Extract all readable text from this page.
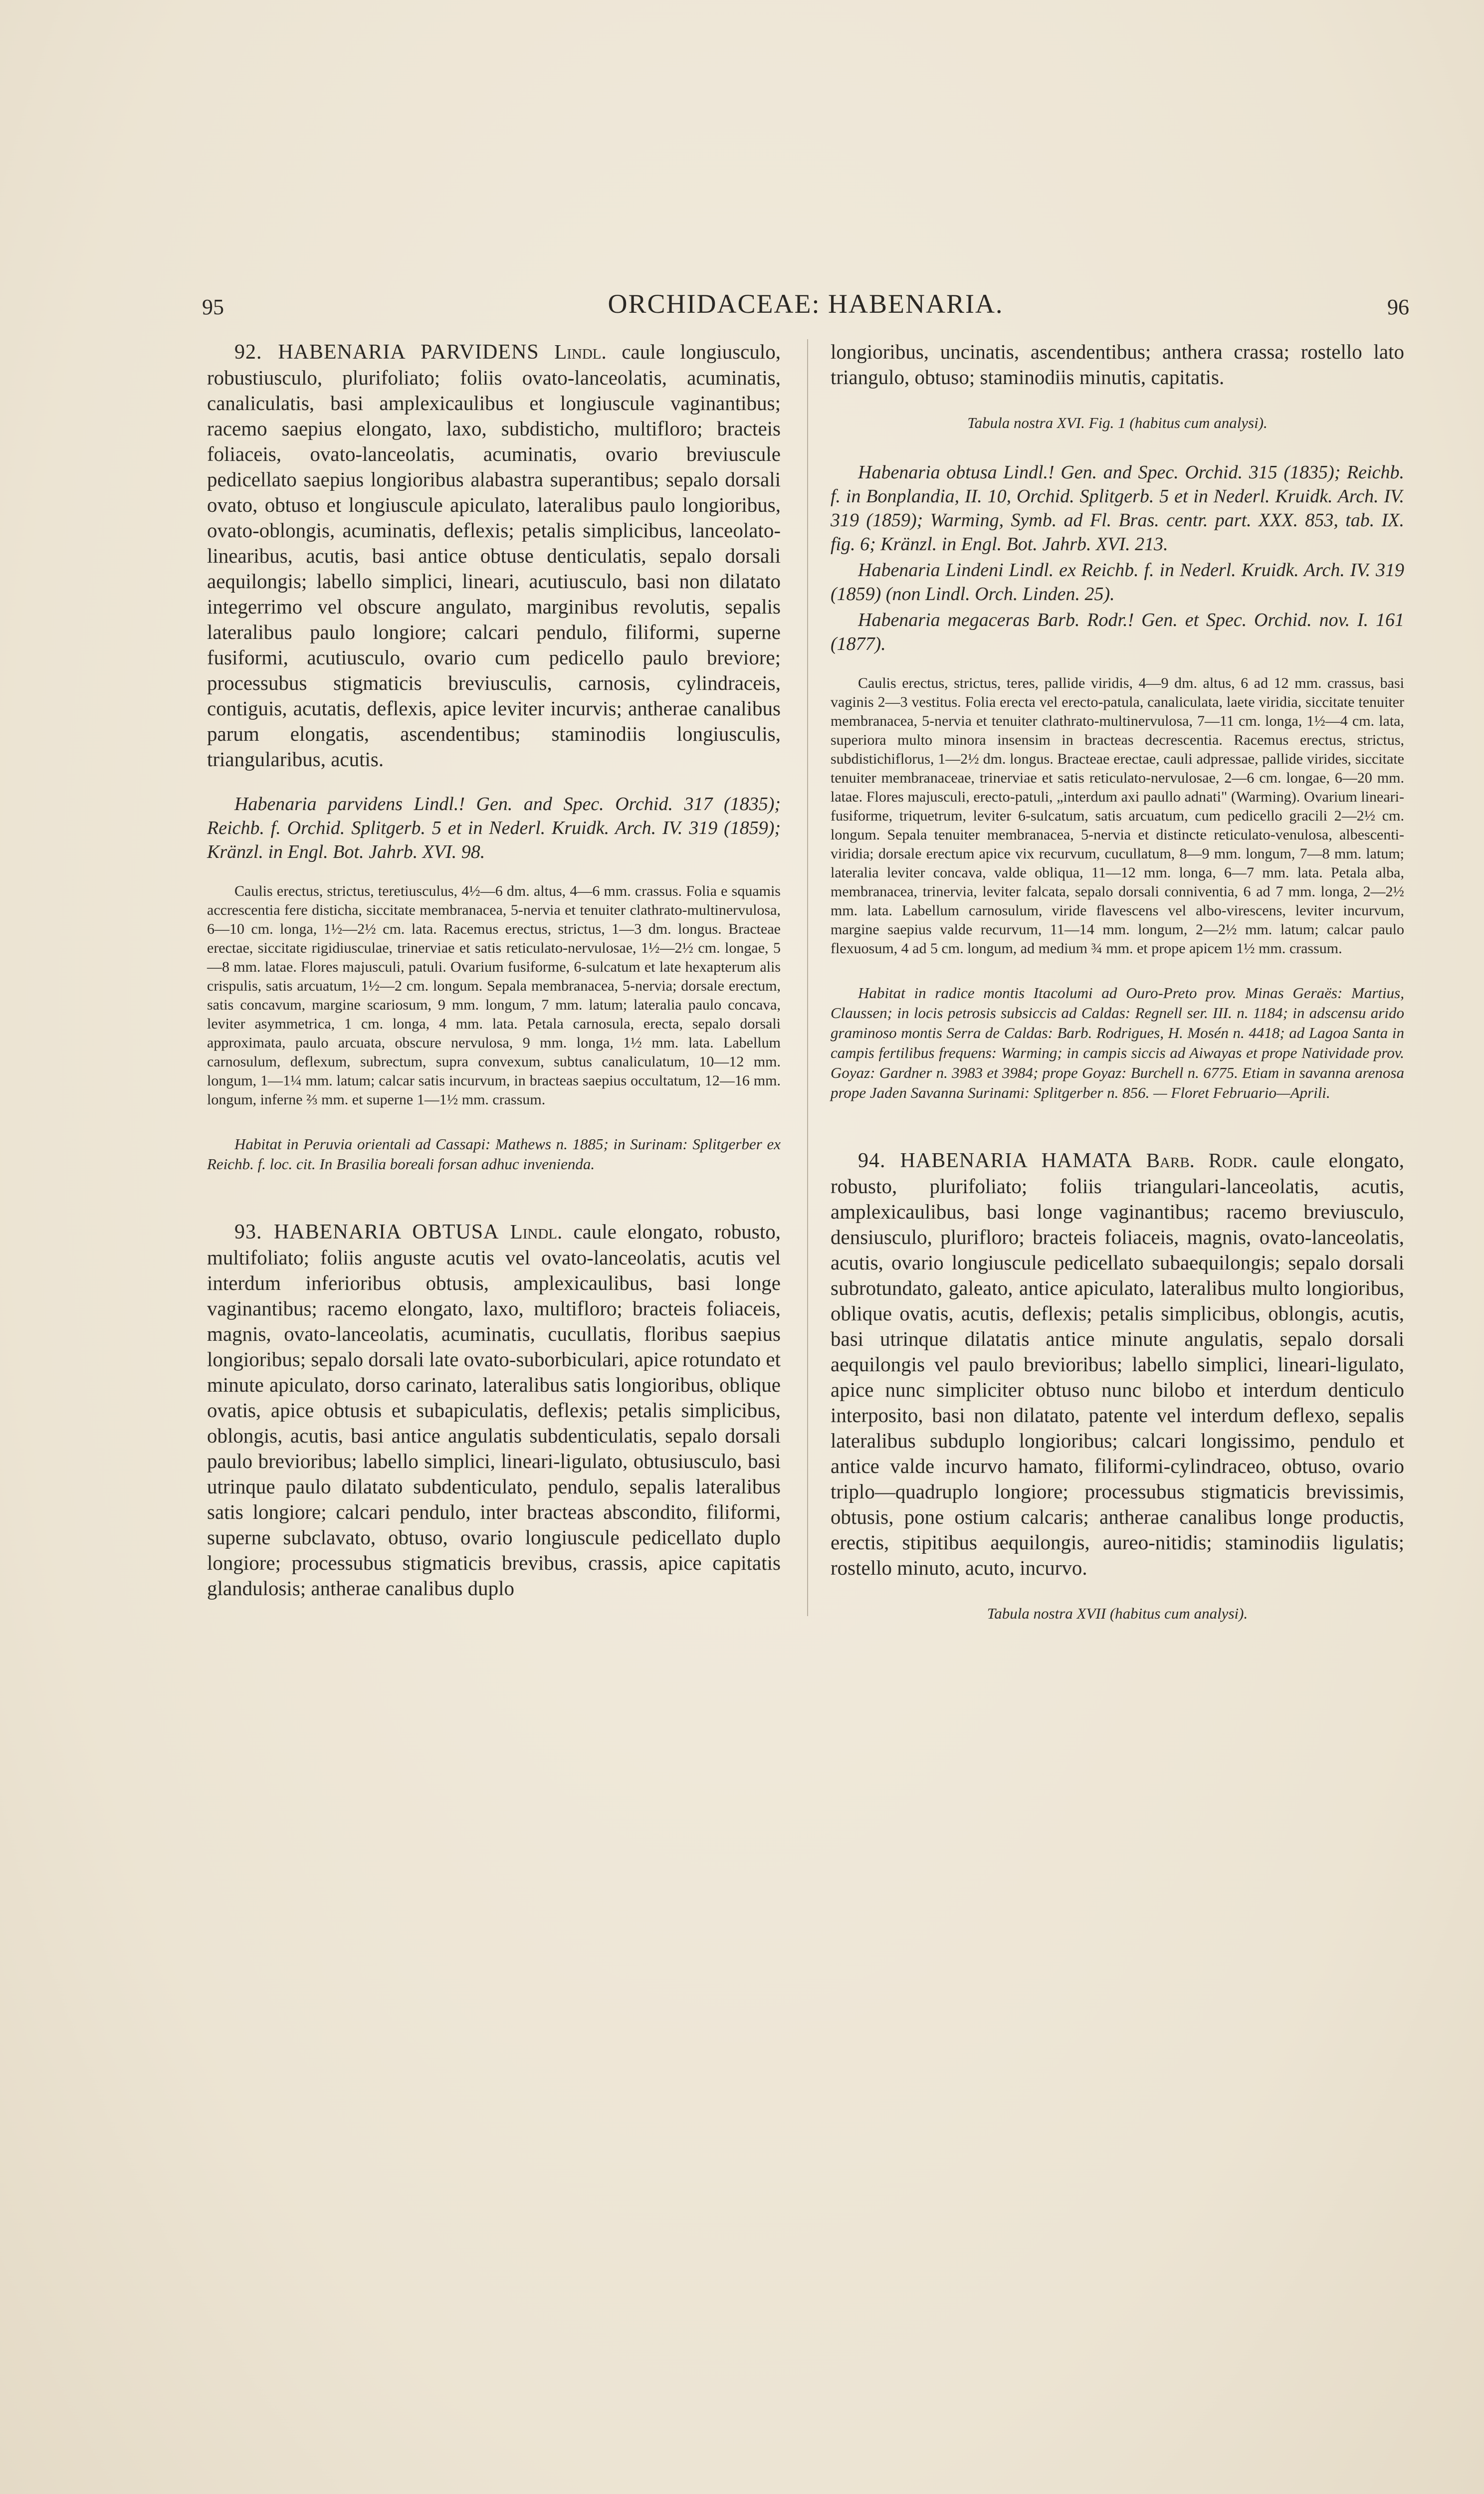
95	ORCHIDACEAE: HABENARIA.	96

92. HABENARIA PARVIDENS Lindl. caule longiusculo, robustiusculo, plurifoliato; foliis ovato-lanceolatis, acuminatis, canaliculatis, basi amplexicaulibus et longiuscule vaginantibus; racemo saepius elongato, laxo, subdisticho, multifloro; bracteis foliaceis, ovato-lanceolatis, acuminatis, ovario breviuscule pedicellato saepius longioribus alabastra superantibus; sepalo dorsali ovato, obtuso et longiuscule apiculato, lateralibus paulo longioribus, ovato-oblongis, acuminatis, deflexis; petalis simplicibus, lanceolato-linearibus, acutis, basi antice obtuse denticulatis, sepalo dorsali aequilongis; labello simplici, lineari, acutiusculo, basi non dilatato integerrimo vel obscure angulato, marginibus revolutis, sepalis lateralibus paulo longiore; calcari pendulo, filiformi, superne fusiformi, acutiusculo, ovario cum pedicello paulo breviore; processubus stigmaticis breviusculis, carnosis, cylindraceis, contiguis, acutatis, deflexis, apice leviter incurvis; antherae canalibus parum elongatis, ascendentibus; staminodiis longiusculis, triangularibus, acutis.

Habenaria parvidens Lindl.! Gen. and Spec. Orchid. 317 (1835); Reichb. f. Orchid. Splitgerb. 5 et in Nederl. Kruidk. Arch. IV. 319 (1859); Kränzl. in Engl. Bot. Jahrb. XVI. 98.

Caulis erectus, strictus, teretiusculus, 4½—6 dm. altus, 4—6 mm. crassus. Folia e squamis accrescentia fere disticha, siccitate membranacea, 5-nervia et tenuiter clathrato-multinervulosa, 6—10 cm. longa, 1½—2½ cm. lata. Racemus erectus, strictus, 1—3 dm. longus. Bracteae erectae, siccitate rigidiusculae, trinerviae et satis reticulato-nervulosae, 1½—2½ cm. longae, 5—8 mm. latae. Flores majusculi, patuli. Ovarium fusiforme, 6-sulcatum et late hexapterum alis crispulis, satis arcuatum, 1½—2 cm. longum. Sepala membranacea, 5-nervia; dorsale erectum, satis concavum, margine scariosum, 9 mm. longum, 7 mm. latum; lateralia paulo concava, leviter asymmetrica, 1 cm. longa, 4 mm. lata. Petala carnosula, erecta, sepalo dorsali approximata, paulo arcuata, obscure nervulosa, 9 mm. longa, 1½ mm. lata. Labellum carnosulum, deflexum, subrectum, supra convexum, subtus canaliculatum, 10—12 mm. longum, 1—1¼ mm. latum; calcar satis incurvum, in bracteas saepius occultatum, 12—16 mm. longum, inferne ⅔ mm. et superne 1—1½ mm. crassum.

Habitat in Peruvia orientali ad Cassapi: Mathews n. 1885; in Surinam: Splitgerber ex Reichb. f. loc. cit. In Brasilia boreali forsan adhuc invenienda.

93. HABENARIA OBTUSA Lindl. caule elongato, robusto, multifoliato; foliis anguste acutis vel ovato-lanceolatis, acutis vel interdum inferioribus obtusis, amplexicaulibus, basi longe vaginantibus; racemo elongato, laxo, multifloro; bracteis foliaceis, magnis, ovato-lanceolatis, acuminatis, cucullatis, floribus saepius longioribus; sepalo dorsali late ovato-suborbiculari, apice rotundato et minute apiculato, dorso carinato, lateralibus satis longioribus, oblique ovatis, apice obtusis et subapiculatis, deflexis; petalis simplicibus, oblongis, acutis, basi antice angulatis subdenticulatis, sepalo dorsali paulo brevioribus; labello simplici, lineari-ligulato, obtusiusculo, basi utrinque paulo dilatato subdenticulato, pendulo, sepalis lateralibus satis longiore; calcari pendulo, inter bracteas abscondito, filiformi, superne subclavato, obtuso, ovario longiuscule pedicellato duplo longiore; processubus stigmaticis brevibus, crassis, apice capitatis glandulosis; antherae canalibus duplo

longioribus, uncinatis, ascendentibus; anthera crassa; rostello lato triangulo, obtuso; staminodiis minutis, capitatis.

Tabula nostra XVI. Fig. 1 (habitus cum analysi).

Habenaria obtusa Lindl.! Gen. and Spec. Orchid. 315 (1835); Reichb. f. in Bonplandia, II. 10, Orchid. Splitgerb. 5 et in Nederl. Kruidk. Arch. IV. 319 (1859); Warming, Symb. ad Fl. Bras. centr. part. XXX. 853, tab. IX. fig. 6; Kränzl. in Engl. Bot. Jahrb. XVI. 213.

Habenaria Lindeni Lindl. ex Reichb. f. in Nederl. Kruidk. Arch. IV. 319 (1859) (non Lindl. Orch. Linden. 25).

Habenaria megaceras Barb. Rodr.! Gen. et Spec. Orchid. nov. I. 161 (1877).

Caulis erectus, strictus, teres, pallide viridis, 4—9 dm. altus, 6 ad 12 mm. crassus, basi vaginis 2—3 vestitus. Folia erecta vel erecto-patula, canaliculata, laete viridia, siccitate tenuiter membranacea, 5-nervia et tenuiter clathrato-multinervulosa, 7—11 cm. longa, 1½—4 cm. lata, superiora multo minora insensim in bracteas decrescentia. Racemus erectus, strictus, subdistichiflorus, 1—2½ dm. longus. Bracteae erectae, cauli adpressae, pallide virides, siccitate tenuiter membranaceae, trinerviae et satis reticulato-nervulosae, 2—6 cm. longae, 6—20 mm. latae. Flores majusculi, erecto-patuli, „interdum axi paullo adnati" (Warming). Ovarium lineari-fusiforme, triquetrum, leviter 6-sulcatum, satis arcuatum, cum pedicello gracili 2—2½ cm. longum. Sepala tenuiter membranacea, 5-nervia et distincte reticulato-venulosa, albescenti-viridia; dorsale erectum apice vix recurvum, cucullatum, 8—9 mm. longum, 7—8 mm. latum; lateralia leviter concava, valde obliqua, 11—12 mm. longa, 6—7 mm. lata. Petala alba, membranacea, trinervia, leviter falcata, sepalo dorsali conniventia, 6 ad 7 mm. longa, 2—2½ mm. lata. Labellum carnosulum, viride flavescens vel albo-virescens, leviter incurvum, margine saepius valde recurvum, 11—14 mm. longum, 2—2½ mm. latum; calcar paulo flexuosum, 4 ad 5 cm. longum, ad medium ¾ mm. et prope apicem 1½ mm. crassum.

Habitat in radice montis Itacolumi ad Ouro-Preto prov. Minas Geraës: Martius, Claussen; in locis petrosis subsiccis ad Caldas: Regnell ser. III. n. 1184; in adscensu arido graminoso montis Serra de Caldas: Barb. Rodrigues, H. Mosén n. 4418; ad Lagoa Santa in campis fertilibus frequens: Warming; in campis siccis ad Aiwayas et prope Natividade prov. Goyaz: Gardner n. 3983 et 3984; prope Goyaz: Burchell n. 6775. Etiam in savanna arenosa prope Jaden Savanna Surinami: Splitgerber n. 856. — Floret Februario—Aprili.

94. HABENARIA HAMATA Barb. Rodr. caule elongato, robusto, plurifoliato; foliis triangulari-lanceolatis, acutis, amplexicaulibus, basi longe vaginantibus; racemo breviusculo, densiusculo, plurifloro; bracteis foliaceis, magnis, ovato-lanceolatis, acutis, ovario longiuscule pedicellato subaequilongis; sepalo dorsali subrotundato, galeato, antice apiculato, lateralibus multo longioribus, oblique ovatis, acutis, deflexis; petalis simplicibus, oblongis, acutis, basi utrinque dilatatis antice minute angulatis, sepalo dorsali aequilongis vel paulo brevioribus; labello simplici, lineari-ligulato, apice nunc simpliciter obtuso nunc bilobo et interdum denticulo interposito, basi non dilatato, patente vel interdum deflexo, sepalis lateralibus subduplo longioribus; calcari longissimo, pendulo et antice valde incurvo hamato, filiformi-cylindraceo, obtuso, ovario triplo—quadruplo longiore; processubus stigmaticis brevissimis, obtusis, pone ostium calcaris; antherae canalibus longe productis, erectis, stipitibus aequilongis, aureo-nitidis; staminodiis ligulatis; rostello minuto, acuto, incurvo.

Tabula nostra XVII (habitus cum analysi).
